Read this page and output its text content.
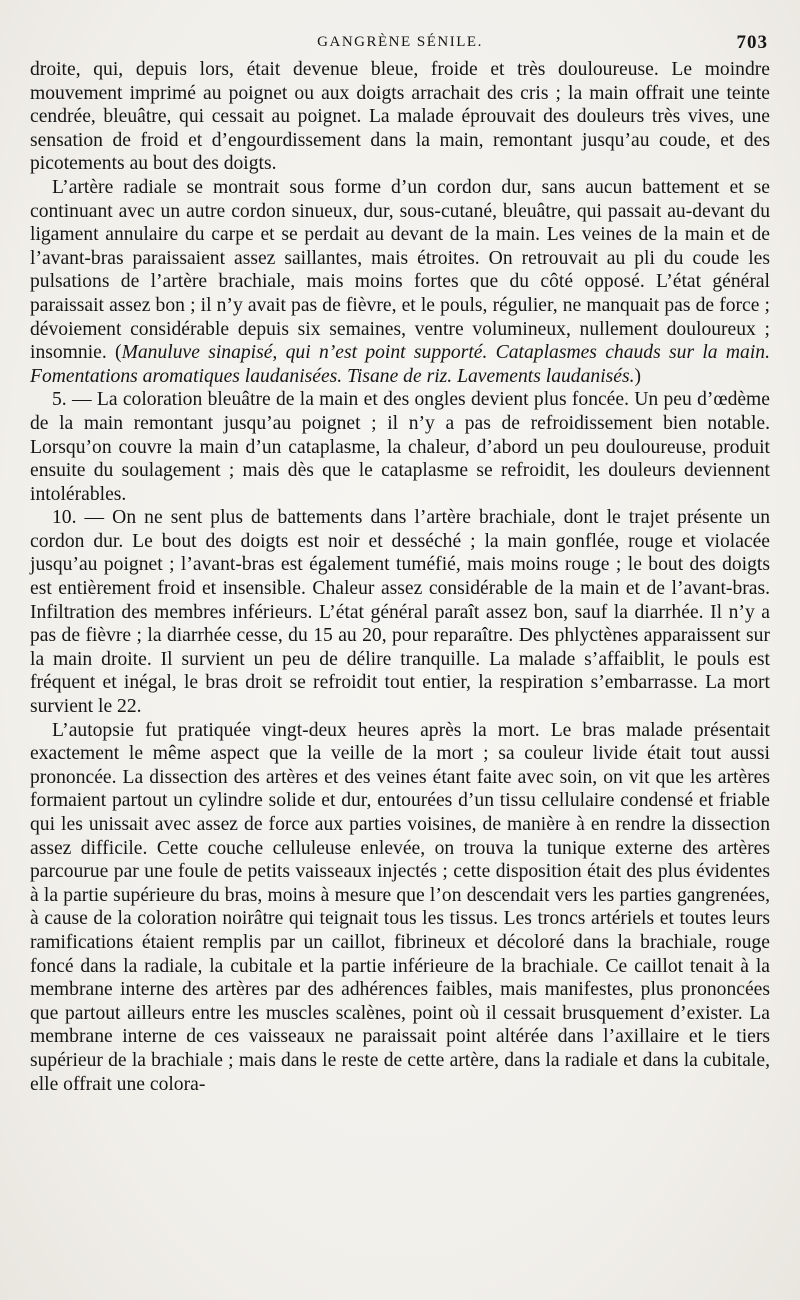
GANGRÈNE SÉNILE.	703

droite, qui, depuis lors, était devenue bleue, froide et très douloureuse. Le moindre mouvement imprimé au poignet ou aux doigts arrachait des cris ; la main offrait une teinte cendrée, bleuâtre, qui cessait au poignet. La malade éprouvait des douleurs très vives, une sensation de froid et d’engourdissement dans la main, remontant jusqu’au coude, et des picotements au bout des doigts.

L’artère radiale se montrait sous forme d’un cordon dur, sans aucun battement et se continuant avec un autre cordon sinueux, dur, sous-cutané, bleuâtre, qui passait au-devant du ligament annulaire du carpe et se perdait au devant de la main. Les veines de la main et de l’avant-bras paraissaient assez saillantes, mais étroites. On retrouvait au pli du coude les pulsations de l’artère brachiale, mais moins fortes que du côté opposé. L’état général paraissait assez bon ; il n’y avait pas de fièvre, et le pouls, régulier, ne manquait pas de force ; dévoiement considérable depuis six semaines, ventre volumineux, nullement douloureux ; insomnie. (Manuluve sinapisé, qui n’est point supporté. Cataplasmes chauds sur la main. Fomentations aromatiques laudanisées. Tisane de riz. Lavements laudanisés.)

5. — La coloration bleuâtre de la main et des ongles devient plus foncée. Un peu d’œdème de la main remontant jusqu’au poignet ; il n’y a pas de refroidissement bien notable. Lorsqu’on couvre la main d’un cataplasme, la chaleur, d’abord un peu douloureuse, produit ensuite du soulagement ; mais dès que le cataplasme se refroidit, les douleurs deviennent intolérables.

10. — On ne sent plus de battements dans l’artère brachiale, dont le trajet présente un cordon dur. Le bout des doigts est noir et desséché ; la main gonflée, rouge et violacée jusqu’au poignet ; l’avant-bras est également tuméfié, mais moins rouge ; le bout des doigts est entièrement froid et insensible. Chaleur assez considérable de la main et de l’avant-bras. Infiltration des membres inférieurs. L’état général paraît assez bon, sauf la diarrhée. Il n’y a pas de fièvre ; la diarrhée cesse, du 15 au 20, pour reparaître. Des phlyctènes apparaissent sur la main droite. Il survient un peu de délire tranquille. La malade s’affaiblit, le pouls est fréquent et inégal, le bras droit se refroidit tout entier, la respiration s’embarrasse. La mort survient le 22.

L’autopsie fut pratiquée vingt-deux heures après la mort. Le bras malade présentait exactement le même aspect que la veille de la mort ; sa couleur livide était tout aussi prononcée. La dissection des artères et des veines étant faite avec soin, on vit que les artères formaient partout un cylindre solide et dur, entourées d’un tissu cellulaire condensé et friable qui les unissait avec assez de force aux parties voisines, de manière à en rendre la dissection assez difficile. Cette couche celluleuse enlevée, on trouva la tunique externe des artères parcourue par une foule de petits vaisseaux injectés ; cette disposition était des plus évidentes à la partie supérieure du bras, moins à mesure que l’on descendait vers les parties gangrenées, à cause de la coloration noirâtre qui teignait tous les tissus. Les troncs artériels et toutes leurs ramifications étaient remplis par un caillot, fibrineux et décoloré dans la brachiale, rouge foncé dans la radiale, la cubitale et la partie inférieure de la brachiale. Ce caillot tenait à la membrane interne des artères par des adhérences faibles, mais manifestes, plus prononcées que partout ailleurs entre les muscles scalènes, point où il cessait brusquement d’exister. La membrane interne de ces vaisseaux ne paraissait point altérée dans l’axillaire et le tiers supérieur de la brachiale ; mais dans le reste de cette artère, dans la radiale et dans la cubitale, elle offrait une colora-
